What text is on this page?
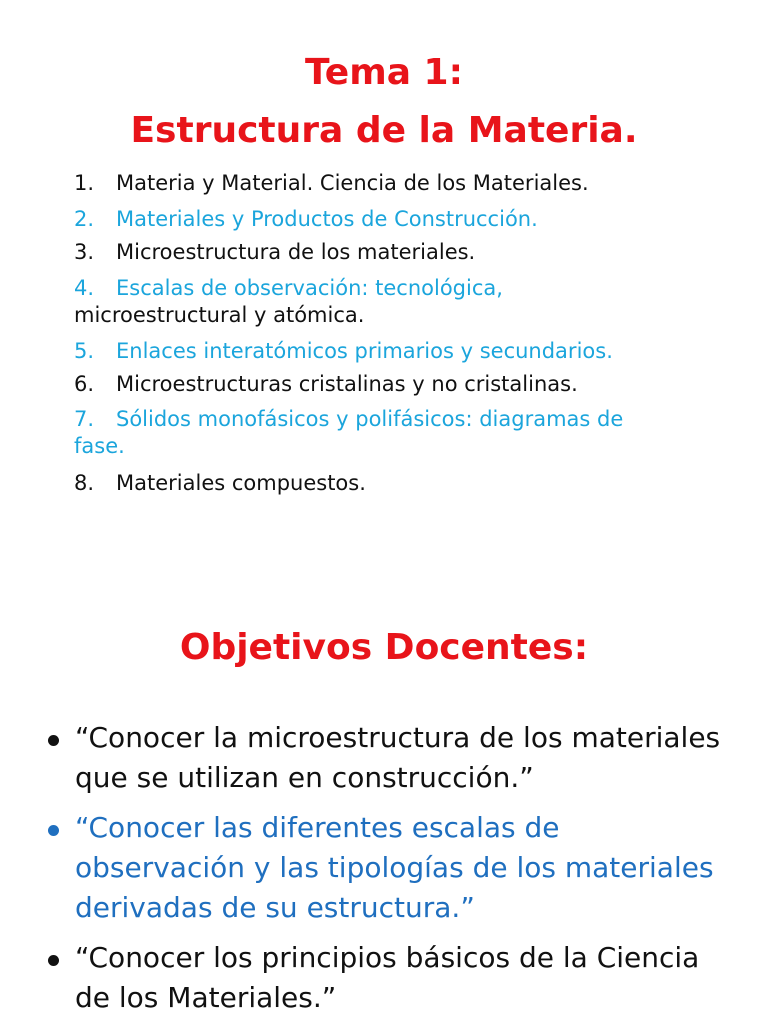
Tema 1:
Estructura de la Materia.
1. Materia y Material. Ciencia de los Materiales.
2. Materiales y Productos de Construcción.
3. Microestructura de los materiales.
4. Escalas de observación: tecnológica,
microestructural y atómica.
5. Enlaces interatómicos primarios y secundarios.
6. Microestructuras cristalinas y no cristalinas.
7. Sólidos monofásicos y polifásicos: diagramas de
fase.
8. Materiales compuestos.
Objetivos Docentes:
“Conocer la microestructura de los materiales que se utilizan en construcción.”
“Conocer las diferentes escalas de observación y las tipologías de los materiales derivadas de su estructura.”
“Conocer los principios básicos de la Ciencia de los Materiales.”
